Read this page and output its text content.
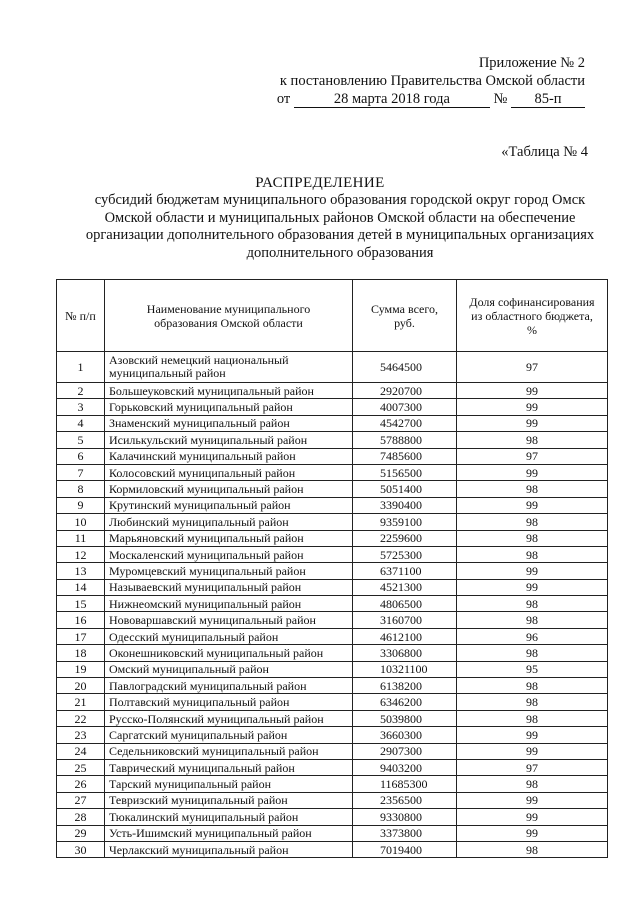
Приложение № 2
к постановлению Правительства Омской области
от	28 марта 2018 года	№ 85-п
«Таблица № 4
РАСПРЕДЕЛЕНИЕ
субсидий бюджетам муниципального образования городской округ город Омск Омской области и муниципальных районов Омской области на обеспечение организации дополнительного образования детей в муниципальных организациях дополнительного образования
№ п/п	Наименование муниципального образования Омской области	Сумма всего, руб.	Доля софинансирования из областного бюджета, %
1	Азовский немецкий национальный муниципальный район	5464500	97
2	Большеуковский муниципальный район	2920700	99
3	Горьковский муниципальный район	4007300	99
4	Знаменский муниципальный район	4542700	99
5	Исилькульский муниципальный район	5788800	98
6	Калачинский муниципальный район	7485600	97
7	Колосовский муниципальный район	5156500	99
8	Кормиловский муниципальный район	5051400	98
9	Крутинский муниципальный район	3390400	99
10	Любинский муниципальный район	9359100	98
11	Марьяновский муниципальный район	2259600	98
12	Москаленский муниципальный район	5725300	98
13	Муромцевский муниципальный район	6371100	99
14	Называевский муниципальный район	4521300	99
15	Нижнеомский муниципальный район	4806500	98
16	Нововаршавский муниципальный район	3160700	98
17	Одесский муниципальный район	4612100	96
18	Оконешниковский муниципальный район	3306800	98
19	Омский муниципальный район	10321100	95
20	Павлоградский муниципальный район	6138200	98
21	Полтавский муниципальный район	6346200	98
22	Русско-Полянский муниципальный район	5039800	98
23	Саргатский муниципальный район	3660300	99
24	Седельниковский муниципальный район	2907300	99
25	Таврический муниципальный район	9403200	97
26	Тарский муниципальный район	11685300	98
27	Тевризский муниципальный район	2356500	99
28	Тюкалинский муниципальный район	9330800	99
29	Усть-Ишимский муниципальный район	3373800	99
30	Черлакский муниципальный район	7019400	98
